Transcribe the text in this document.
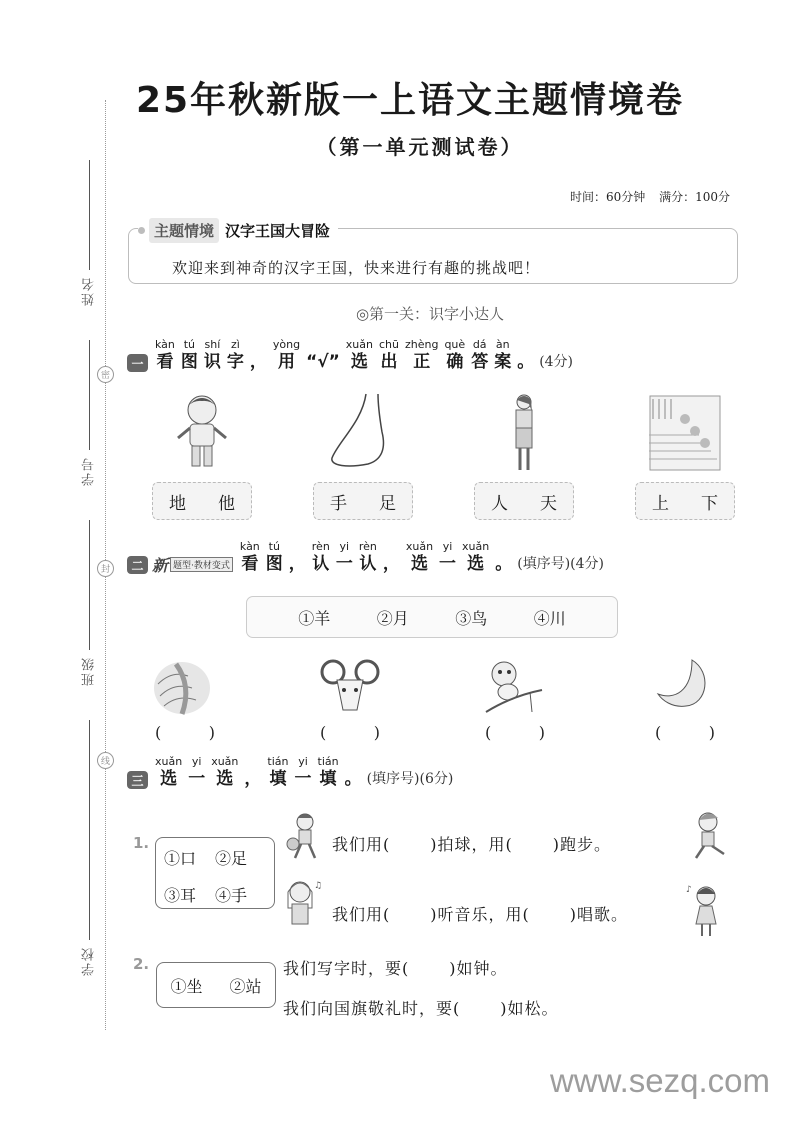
姓名
学号
班级
学校
密
封
线
25年秋新版一上语文主题情境卷
（第一单元测试卷）
时间：60分钟 满分：100分
主题情境 汉字王国大冒险
欢迎来到神奇的汉字王国，快来进行有趣的挑战吧！
◎第一关：识字小达人
一
kàn
看
tú
图
shí
识
zì
字 ，
yòng
用 “√”
xuǎn
选
chū
出
zhèng
正
què
确
dá
答
àn
案 。 (4分)
地 他	手 足	人 天	上 下
二 新 题型·教材变式
kàn
看
tú
图 ，
rèn
认
yi
一
rèn
认 ，
xuǎn
选
yi
一
xuǎn
选 。 (填序号)(4分)
①羊	②月	③鸟	④川
(	)	(	)	(	)	(	)
三
xuǎn
选
yi
一
xuǎn
选 ，
tián
填
yi
一
tián
填 。 (填序号)(6分)
1.
①口	②足
③耳	④手
我们用(	)拍球，用(	)跑步。
♫
我们用(	)听音乐，用(	)唱歌。
♪
2.
①坐 ②站
我们写字时，要(	)如钟。
我们向国旗敬礼时，要(	)如松。
www.sezq.com
